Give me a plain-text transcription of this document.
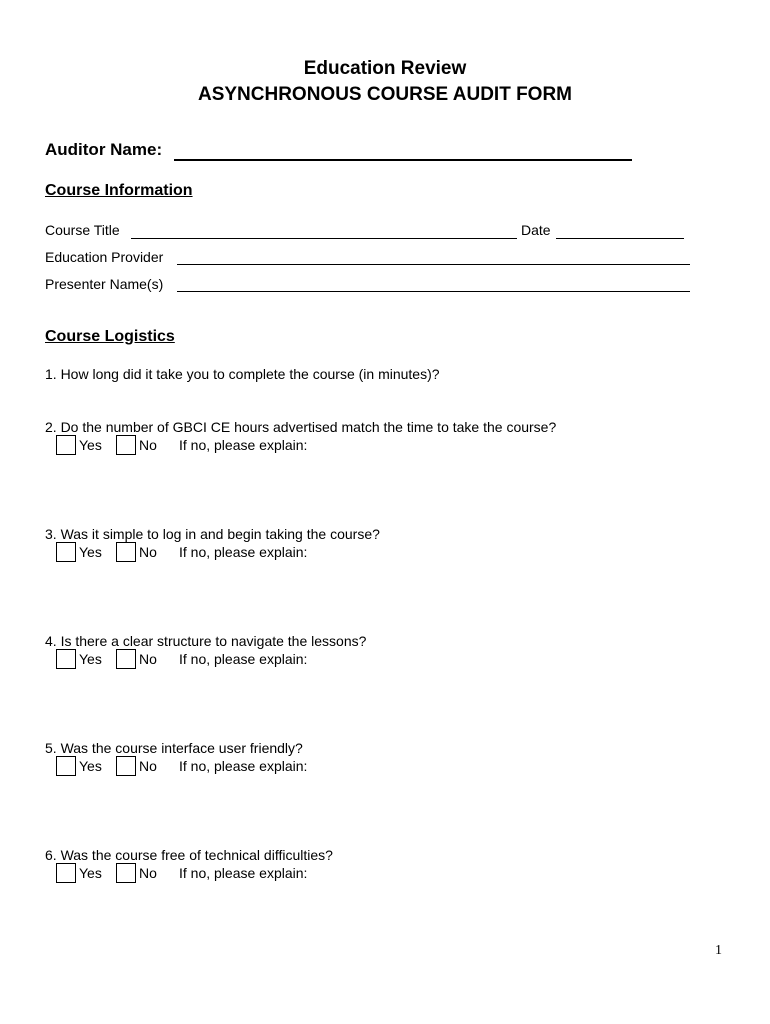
Education Review
ASYNCHRONOUS COURSE AUDIT FORM
Auditor Name:
Course Information
Course Title	Date
Education Provider
Presenter Name(s)
Course Logistics
1. How long did it take you to complete the course (in minutes)?
2. Do the number of GBCI CE hours advertised match the time to take the course?
Yes	No If no, please explain:
3. Was it simple to log in and begin taking the course?
Yes	No If no, please explain:
4. Is there a clear structure to navigate the lessons?
Yes	No If no, please explain:
5. Was the course interface user friendly?
Yes	No If no, please explain:
6. Was the course free of technical difficulties?
Yes	No If no, please explain:
1
